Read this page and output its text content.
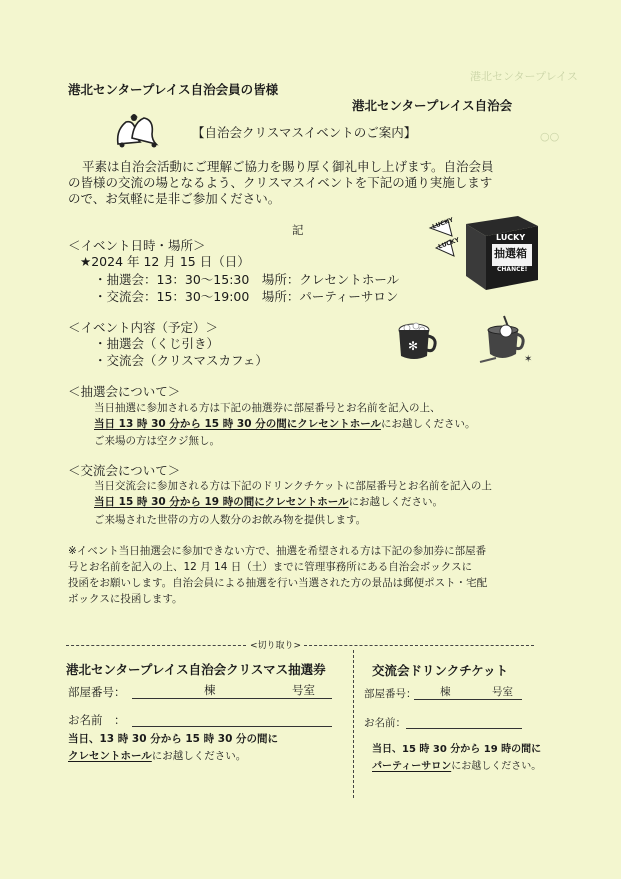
港北センタープレイス
○○
港北センタープレイス自治会員の皆様
港北センタープレイス自治会
【自治会クリスマスイベントのご案内】
平素は自治会活動にご理解ご協力を賜り厚く御礼申し上げます。自治会員
の皆様の交流の場となるよう、クリスマスイベントを下記の通り実施します
ので、お気軽に是非ご参加ください。
記
＜イベント日時・場所＞
★2024 年 12 月 15 日（日）
・抽選会：13：30～15:30　場所：クレセントホール
・交流会：15：30～19:00　場所：パーティーサロン
LUCKY
LUCKY	LUCKY
抽選箱
CHANCE!
＜イベント内容（予定）＞
・抽選会（くじ引き）
・交流会（クリスマスカフェ）
✻
✶
＜抽選会について＞
当日抽選に参加される方は下記の抽選券に部屋番号とお名前を記入の上、
当日 13 時 30 分から 15 時 30 分の間にクレセントホールにお越しください。
ご来場の方は空クジ無し。
＜交流会について＞
当日交流会に参加される方は下記のドリンクチケットに部屋番号とお名前を記入の上
当日 15 時 30 分から 19 時の間にクレセントホールにお越しください。
ご来場された世帯の方の人数分のお飲み物を提供します。
※イベント当日抽選会に参加できない方で、抽選を希望される方は下記の参加券に部屋番
号とお名前を記入の上、12 月 14 日（土）までに管理事務所にある自治会ボックスに
投函をお願いします。自治会員による抽選を行い当選された方の景品は郵便ポスト・宅配
ボックスに投函します。
<切り取り>
港北センタープレイス自治会クリスマス抽選券
部屋番号：	棟	号室
お名前　：
当日、13 時 30 分から 15 時 30 分の間に
クレセントホールにお越しください。
交流会ドリンクチケット
部屋番号： 棟	号室
お名前：
当日、15 時 30 分から 19 時の間に
パーティーサロンにお越しください。
